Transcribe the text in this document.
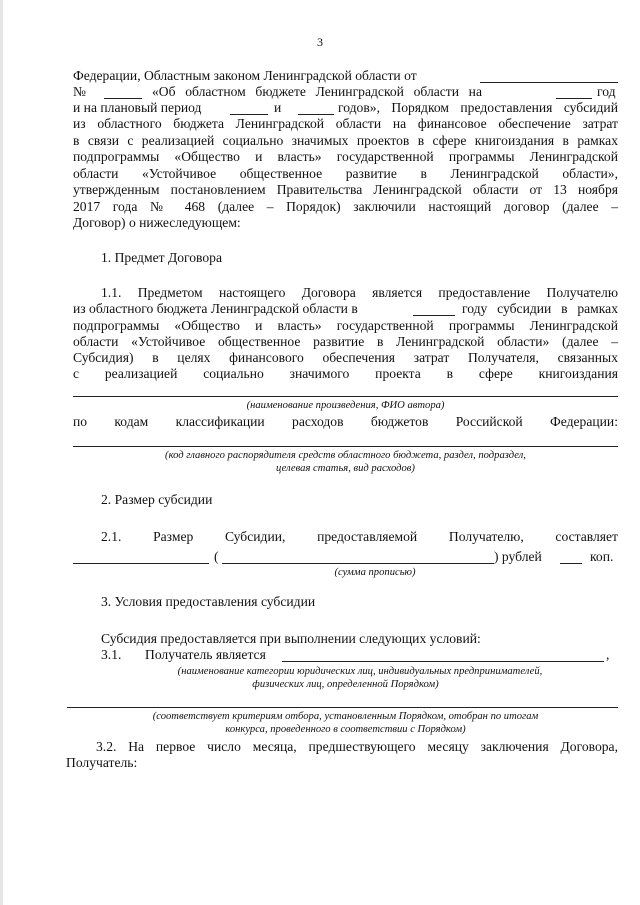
3
Федерации, Областным законом Ленинградской области от
№	«Об областном бюджете Ленинградской области на	год
и на плановый период	и	годов», Порядком предоставления субсидий
из областного бюджета Ленинградской области на финансовое обеспечение затрат
в связи с реализацией социально значимых проектов в сфере книгоиздания в рамках
подпрограммы «Общество и власть» государственной программы Ленинградской
области «Устойчивое общественное развитие в Ленинградской области»,
утвержденным постановлением Правительства Ленинградской области от 13 ноября
2017 года № 468 (далее – Порядок) заключили настоящий договор (далее –
Договор) о нижеследующем:
1. Предмет Договора
1.1. Предметом настоящего Договора является предоставление Получателю
из областного бюджета Ленинградской области в	году субсидии в рамках
подпрограммы «Общество и власть» государственной программы Ленинградской
области «Устойчивое общественное развитие в Ленинградской области» (далее –
Субсидия) в целях финансового обеспечения затрат Получателя, связанных
с реализацией социально значимого проекта в сфере книгоиздания
(наименование произведения, ФИО автора)
по кодам классификации расходов бюджетов Российской Федерации:
(код главного распорядителя средств областного бюджета, раздел, подраздел,
целевая статья, вид расходов)
2. Размер субсидии
2.1. Размер Субсидии, предоставляемой Получателю, составляет
(	) рублей	коп.
(сумма прописью)
3. Условия предоставления субсидии
Субсидия предоставляется при выполнении следующих условий:
3.1.	Получатель является	,
(наименование категории юридических лиц, индивидуальных предпринимателей,
физических лиц, определенной Порядком)
(соответствует критериям отбора, установленным Порядком, отобран по итогам
конкурса, проведенного в соответствии с Порядком)
3.2. На первое число месяца, предшествующего месяцу заключения Договора,
Получатель:
